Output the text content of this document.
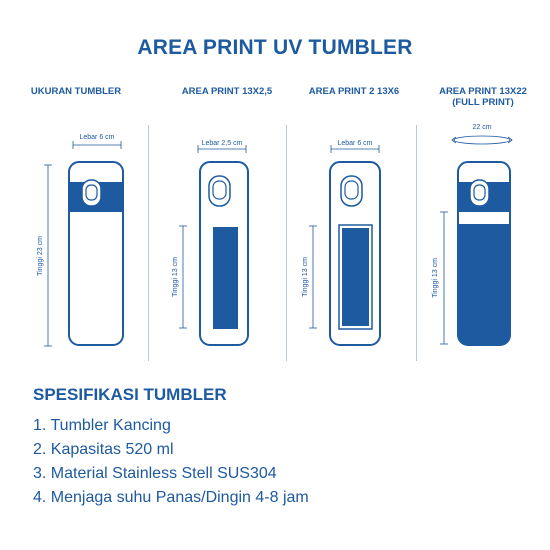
AREA PRINT UV TUMBLER
UKURAN TUMBLER	AREA PRINT 13X2,5	AREA PRINT 2 13X6	AREA PRINT 13X22
(FULL PRINT)
Lebar 6 cm
Tinggi 23 cm
Lebar 2,5 cm
Tinggi 13 cm
Lebar 6 cm
Tinggi 13 cm
22 cm
Tinggi 13 cm
SPESIFIKASI TUMBLER
1. Tumbler Kancing
2. Kapasitas 520 ml
3. Material Stainless Stell SUS304
4. Menjaga suhu Panas/Dingin 4-8 jam
